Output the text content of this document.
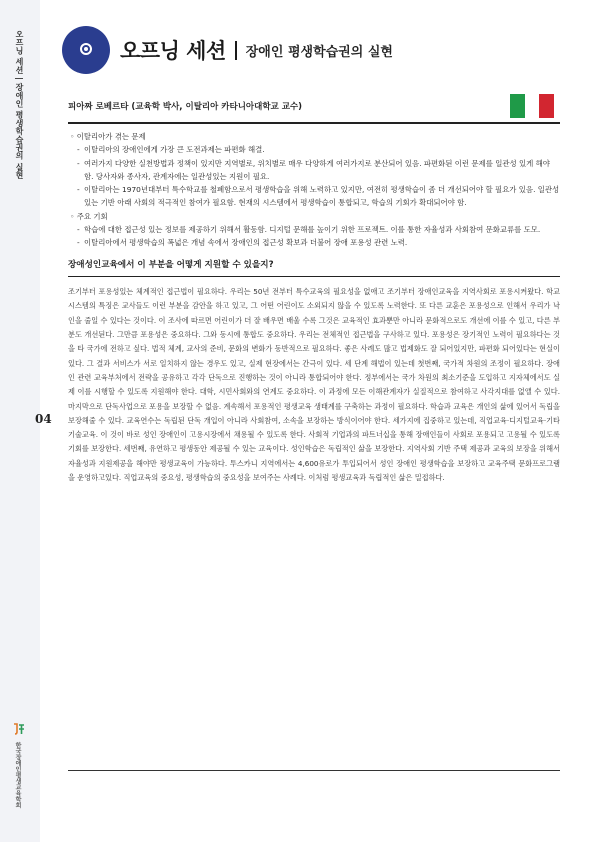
오프닝 세션 | 장애인 평생학습권의 실현
04
한국장애인평생교육학회
오프닝 세션 장애인 평생학습권의 실현
피아짜 로베르타 (교육학 박사, 이탈리아 카타니아대학교 교수)
◦ 이탈리아가 겪는 문제
- 이탈리아의 장애인에게 가장 큰 도전과제는 파편화 해결.
- 여러가지 다양한 실천방법과 정책이 있지만 지역별로, 위치별로 매우 다양하게 여러가지로 분산되어 있음. 파편화된 이런 문제를 일관성 있게 해야 함. 당사자와 종사자, 관계자에는 일관성있는 지원이 필요.
- 이탈리아는 1970년대부터 특수학교를 철폐함으로서 평생학습을 위해 노력하고 있지만, 여전히 평생학습이 좀 더 개선되어야 할 필요가 있음. 일관성 있는 기반 아래 사회의 적극적인 참여가 필요함. 현재의 시스템에서 평생학습이 통합되고, 학습의 기회가 확대되어야 함.
◦ 주요 기회
- 학습에 대한 접근성 있는 정보를 제공하기 위해서 활동함. 디지털 문해를 높이기 위한 프로젝트. 이를 통한 자율성과 사회참여 문화교류를 도모.
- 이탈리아에서 평생학습의 폭넓은 개념 속에서 장애인의 접근성 확보과 더불어 장애 포용성 관련 노력.
장애성인교육에서 이 부분을 어떻게 지원할 수 있을지?
조기부터 포용성있는 체계적인 접근법이 필요하다. 우리는 50년 전부터 특수교육의 필요성을 없애고 조기부터 장애인교육을 지역사회로 포용시켜왔다. 학교 시스템의 특징은 교사들도 이런 부분을 감안을 하고 있고, 그 어떤 어린이도 소외되지 않을 수 있도록 노력한다. 또 다른 교훈은 포용성으로 인해서 우리가 낙인을 줄일 수 있다는 것이다. 이 조사에 따르면 어린이가 더 잘 배우면 배울 수록 그것은 교육적인 효과뿐만 아니라 문화적으로도 개선에 이를 수 있고, 다른 부분도 개선된다. 그만큼 포용성은 중요하다. 그와 동시에 통합도 중요하다. 우리는 전체적인 접근법을 구사하고 있다. 포용성은 장기적인 노력이 필요하다는 것을 타 국가에 전하고 싶다. 법적 체계, 교사의 준비, 문화의 변화가 동반적으로 필요하다. 좋은 사례도 많고 법제화도 잘 되어있지만, 파편화 되어있다는 현실이 있다. 그 결과 서비스가 서로 일치하지 않는 경우도 있고, 실제 현장에서는 간극이 있다. 세 단계 해법이 있는데 첫번째, 국가적 차원의 조정이 필요하다. 장애인 관련 교육부처에서 전략을 공유하고 각각 단독으로 진행하는 것이 아니라 통합되어야 한다. 정부에서는 국가 차원의 최소기준을 도입하고 지자체에서도 실제 이를 시행할 수 있도록 지원해야 한다. 대학, 시민사회와의 연계도 중요하다. 이 과정에 모든 이해관계자가 실질적으로 참여하고 사각지대를 없앨 수 있다. 마지막으로 단독사업으로 포용을 보장할 수 없음. 계속해서 포용적인 평생교육 생태계를 구축하는 과정이 필요하다. 학습과 교육은 개인의 삶에 있어서 독립을 보장해줄 수 있다. 교육연수는 독립된 단독 개입이 아니라 사회참여, 소속을 보장하는 방식이어야 한다. 세가지에 집중하고 있는데, 직업교육·디지털교육·기타기술교육. 이 것이 바로 성인 장애인이 고용시장에서 채용될 수 있도록 한다. 사회적 기업과의 파트너십을 통해 장애인들이 사회로 포용되고 고용될 수 있도록 기회를 보장한다. 세번째, 유연하고 평생동안 제공될 수 있는 교육이다. 성인학습은 독립적인 삶을 보장한다. 지역사회 기반 주택 제공과 교육의 보장을 위해서 자율성과 지원제공을 해야만 평생교육이 가능하다. 투스카니 지역에서는 4,600유로가 투입되어서 성인 장애인 평생학습을 보장하고 교육주택 문화프로그램을 운영하고있다. 직업교육의 중요성, 평생학습의 중요성을 보여주는 사례다. 이처럼 평생교육과 독립적인 삶은 밀접하다.
